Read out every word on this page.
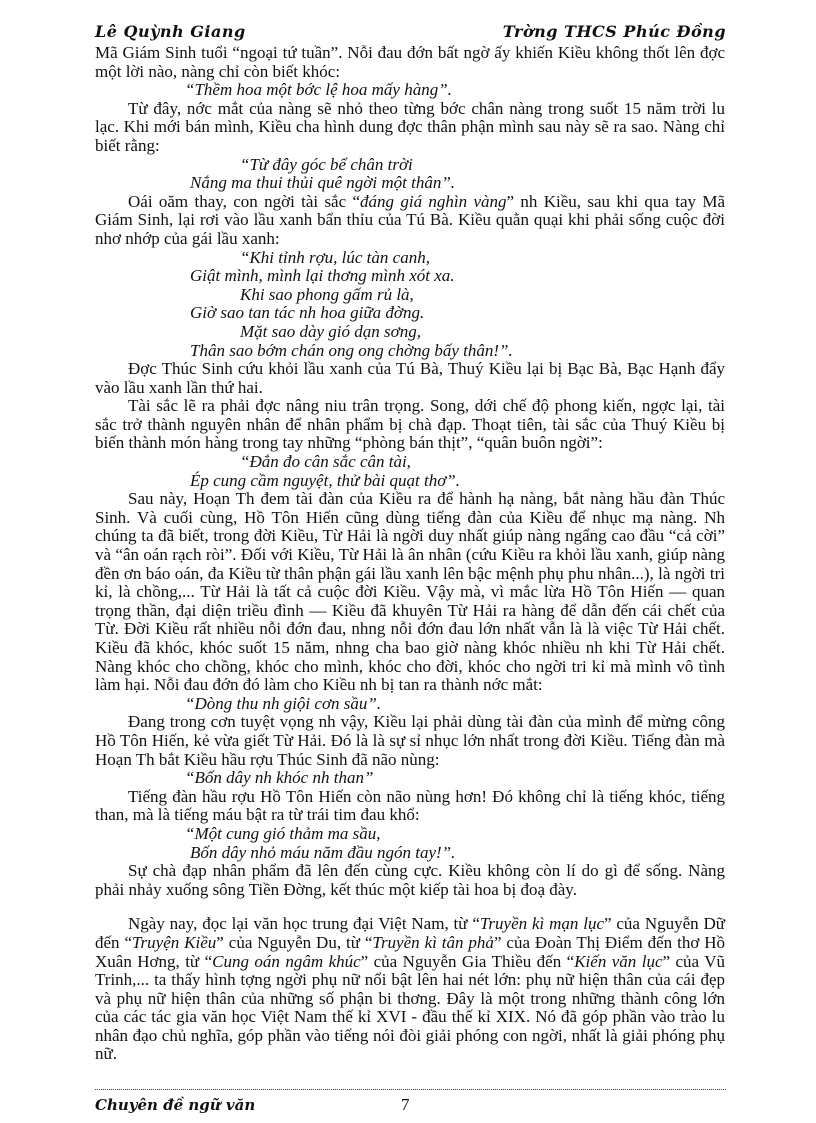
Lê Quỳnh Giang	Trờng THCS Phúc Đồng

Mã Giám Sinh tuổi “ngoại tứ tuần”. Nỗi đau đớn bất ngờ ấy khiến Kiều không thốt lên đợc một lời nào, nàng chỉ còn biết khóc:

“Thềm hoa một bớc lệ hoa mấy hàng”.

Từ đây, nớc mắt của nàng sẽ nhỏ theo từng bớc chân nàng trong suốt 15 năm trời lu lạc. Khi mới bán mình, Kiều cha hình dung đợc thân phận mình sau này sẽ ra sao. Nàng chỉ biết rằng:

“Từ đây góc bể chân trời

Nắng ma thui thủi quê ngời một thân”.

Oái oăm thay, con ngời tài sắc “đáng giá nghìn vàng” nh Kiều, sau khi qua tay Mã Giám Sinh, lại rơi vào lầu xanh bẩn thỉu của Tú Bà. Kiều quằn quại khi phải sống cuộc đời nhơ nhớp của gái lầu xanh:

“Khi tỉnh rợu, lúc tàn canh,

Giật mình, mình lại thơng mình xót xa.

Khi sao phong gấm rủ là,

Giờ sao tan tác nh hoa giữa đờng.

Mặt sao dày gió dạn sơng,

Thân sao bớm chán ong ong chờng bấy thân!”.

Đợc Thúc Sinh cứu khỏi lầu xanh của Tú Bà, Thuý Kiều lại bị Bạc Bà, Bạc Hạnh đẩy vào lầu xanh lần thứ hai.

Tài sắc lẽ ra phải đợc nâng niu trân trọng. Song, dới chế độ phong kiến, ngợc lại, tài sắc trở thành nguyên nhân để nhân phẩm bị chà đạp. Thoạt tiên, tài sắc của Thuý Kiều bị biến thành món hàng trong tay những “phòng bán thịt”, “quân buôn ngời”:

“Đắn đo cân sắc cân tài,

Ép cung cầm nguyệt, thử bài quạt thơ”.

Sau này, Hoạn Th đem tài đàn của Kiều ra để hành hạ nàng, bắt nàng hầu đàn Thúc Sinh. Và cuối cùng, Hồ Tôn Hiến cũng dùng tiếng đàn của Kiều để nhục mạ nàng. Nh chúng ta đã biết, trong đời Kiều, Từ Hải là ngời duy nhất giúp nàng ngẩng cao đầu “cả cời” và “ân oán rạch ròi”. Đối với Kiều, Từ Hải là ân nhân (cứu Kiều ra khỏi lầu xanh, giúp nàng đền ơn báo oán, đa Kiều từ thân phận gái lầu xanh lên bậc mệnh phụ phu nhân...), là ngời tri kỉ, là chồng,... Từ Hải là tất cả cuộc đời Kiều. Vậy mà, vì mắc lừa Hồ Tôn Hiến — quan trọng thần, đại diện triều đình — Kiều đã khuyên Từ Hải ra hàng để dẫn đến cái chết của Từ. Đời Kiều rất nhiều nỗi đớn đau, nhng nỗi đớn đau lớn nhất vẫn là là việc Từ Hải chết. Kiều đã khóc, khóc suốt 15 năm, nhng cha bao giờ nàng khóc nhiều nh khi Từ Hải chết. Nàng khóc cho chồng, khóc cho mình, khóc cho đời, khóc cho ngời tri kỉ mà mình vô tình làm hại. Nỗi đau đớn đó làm cho Kiều nh bị tan ra thành nớc mắt:

“Dòng thu nh giội cơn sầu”.

Đang trong cơn tuyệt vọng nh vậy, Kiều lại phải dùng tài đàn của mình để mừng công Hồ Tôn Hiến, kẻ vừa giết Từ Hải. Đó là là sự sỉ nhục lớn nhất trong đời Kiều. Tiếng đàn mà Hoạn Th bắt Kiều hầu rợu Thúc Sinh đã não nùng:

“Bốn dây nh khóc nh than”

Tiếng đàn hầu rợu Hồ Tôn Hiến còn não nùng hơn! Đó không chỉ là tiếng khóc, tiếng than, mà là tiếng máu bật ra từ trái tim đau khổ:

“Một cung gió thảm ma sầu,

Bốn dây nhỏ máu năm đầu ngón tay!”.

Sự chà đạp nhân phẩm đã lên đến cùng cực. Kiều không còn lí do gì để sống. Nàng phải nhảy xuống sông Tiền Đờng, kết thúc một kiếp tài hoa bị đoạ đày.

Ngày nay, đọc lại văn học trung đại Việt Nam, từ “Truyền kì mạn lục” của Nguyễn Dữ đến “Truyện Kiều” của Nguyễn Du, từ “Truyền kì tân phả” của Đoàn Thị Điểm đến thơ Hồ Xuân Hơng, từ “Cung oán ngâm khúc” của Nguyễn Gia Thiều đến “Kiến văn lục” của Vũ Trinh,... ta thấy hình tợng ngời phụ nữ nổi bật lên hai nét lớn: phụ nữ hiện thân của cái đẹp và phụ nữ hiện thân của những số phận bi thơng. Đây là một trong những thành công lớn của các tác gia văn học Việt Nam thế kỉ XVI - đầu thế kỉ XIX. Nó đã góp phần vào trào lu nhân đạo chủ nghĩa, góp phần vào tiếng nói đòi giải phóng con ngời, nhất là giải phóng phụ nữ.

Chuyên đề ngữ văn	7
